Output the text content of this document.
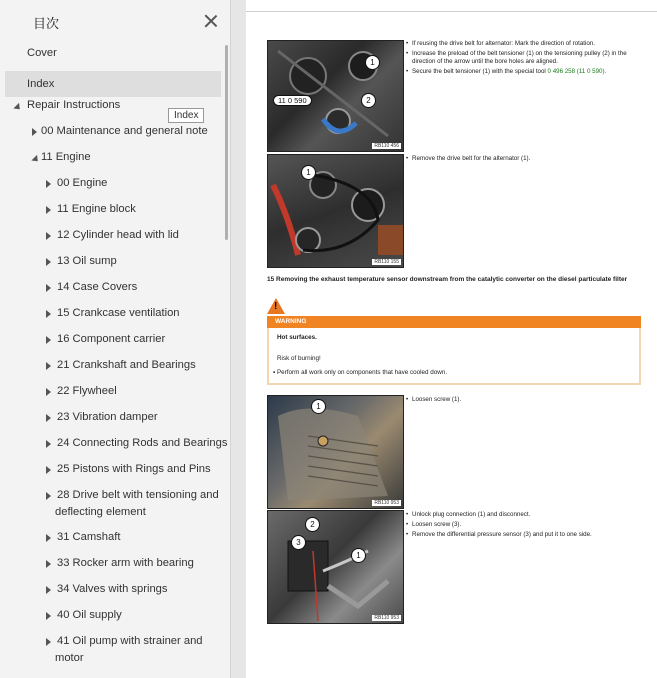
目次
Cover
Index
Repair Instructions
00 Maintenance and general note
11 Engine
00 Engine
11 Engine block
12 Cylinder head with lid
13 Oil sump
14 Case Covers
15 Crankcase ventilation
16 Component carrier
21 Crankshaft and Bearings
22 Flywheel
23 Vibration damper
24 Connecting Rods and Bearings
25 Pistons with Rings and Pins
28 Drive belt with tensioning and
deflecting element
31 Camshaft
33 Rocker arm with bearing
34 Valves with springs
40 Oil supply
41 Oil pump with strainer and
motor
Index
1
2
11 0 590
RB110 456
• If reusing the drive belt for alternator: Mark the direction of rotation.
• Increase the preload of the belt tensioner (1) on the tensioning pulley (2) in the direction of the arrow until the bore holes are aligned.
• Secure the belt tensioner (1) with the special tool 0 496 258 (11 0 590).
1
RB110 155
• Remove the drive belt for the alternator (1).
15 Removing the exhaust temperature sensor downstream from the catalytic converter on the diesel particulate filter
!
WARNING
Hot surfaces.
Risk of burning!
▪ Perform all work only on components that have cooled down.
1
RB110 953
• Loosen screw (1).
1
2
3
RB110 953
• Unlock plug connection (1) and disconnect.
• Loosen screw (3).
• Remove the differential pressure sensor (3) and put it to one side.
